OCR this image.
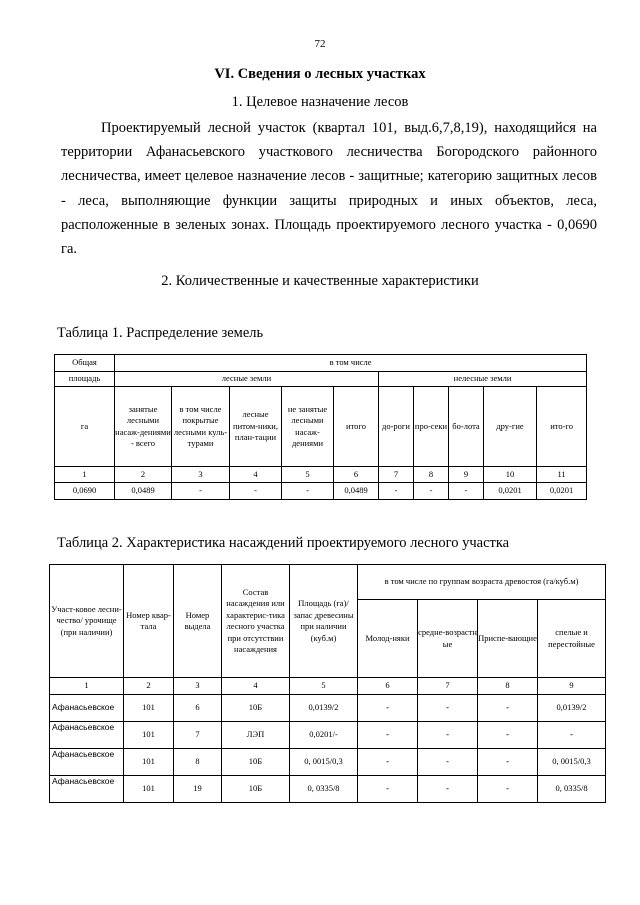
72
VI. Сведения о лесных участках
1. Целевое назначение лесов
Проектируемый лесной участок (квартал 101, выд.6,7,8,19), находящийся на территории Афанасьевского участкового лесничества Богородского районного лесничества, имеет целевое назначение лесов - защитные; категорию защитных лесов - леса, выполняющие функции защиты природных и иных объектов, леса, расположенные в зеленых зонах. Площадь проектируемого лесного участка - 0,0690 га.
2. Количественные и качественные характеристики
Таблица 1. Распределение земель
Общая	в том числе									
площадь	лесные земли					нелесные земли				
га	занятые лесными насаж-дениями - всего	в том числе покрытые лесными куль-турами	лесные питом-ники, план-тации	не занятые лесными насаж-дениями	итого	до-роги	про-секи	бо-лота	дру-гие	ито-го
1	2	3	4	5	6	7	8	9	10	11
0,0690	0,0489	-	-	-	0,0489	-	-	-	0,0201	0,0201
Таблица 2. Характеристика насаждений проектируемого лесного участка
Участ-ковое лесни-чество/ урочище (при наличии)	Номер квар-тала	Номер выдела	Состав насаждения или характерис-тика лесного участка при отсутствии насаждения	Площадь (га)/запас древесины при наличии (куб.м)	в том числе по группам возраста древостоя (га/куб.м)			
					Молод-няки	средне-возрастн ые	Приспе-вающие	спелые и перестойные
1	2	3	4	5	6	7	8	9
Афанасьевское	101	6	10Б	0,0139/2	-	-	-	0,0139/2
Афанасьевское	101	7	ЛЭП	0,0201/-	-	-	-	-
Афанасьевское	101	8	10Б	0, 0015/0,3	-	-	-	0, 0015/0,3
Афанасьевское	101	19	10Б	0, 0335/8	-	-	-	0, 0335/8
